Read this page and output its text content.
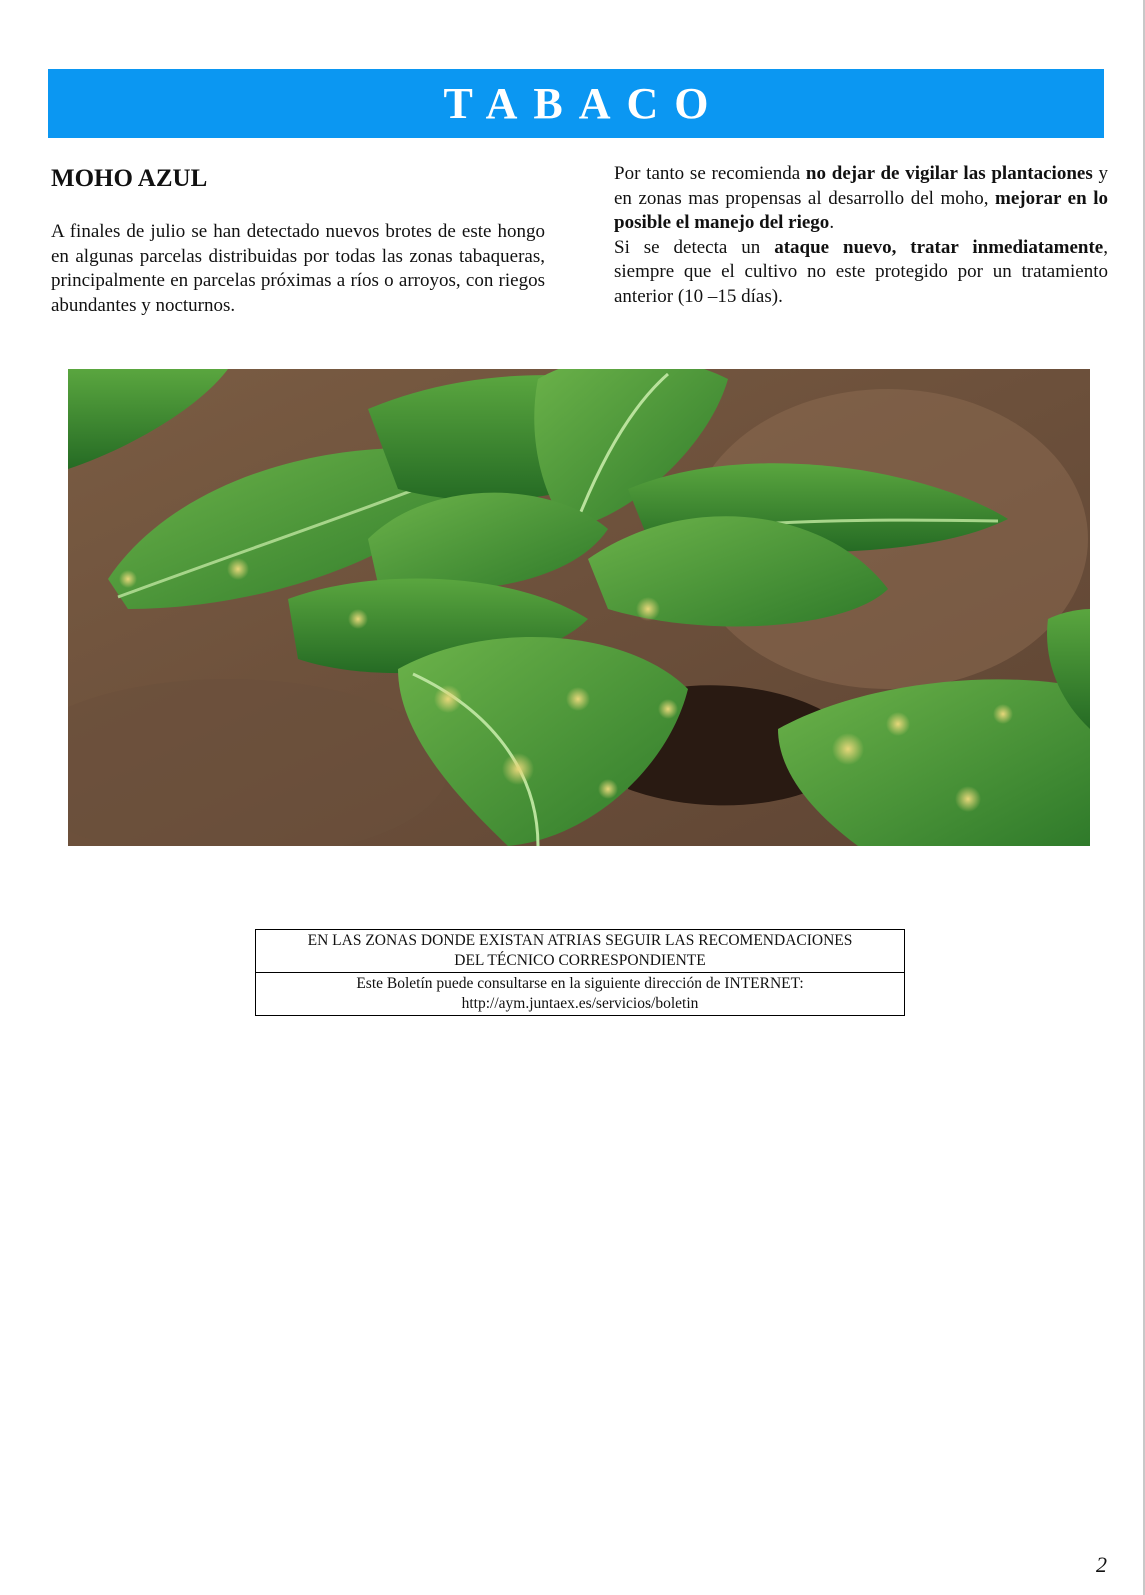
TABACO
MOHO AZUL

A finales de julio se han detectado nuevos brotes de este hongo en algunas parcelas distribuidas por todas las zonas tabaqueras, principalmente en parcelas próximas a ríos o arroyos, con riegos abundantes y nocturnos.

Por tanto se recomienda no dejar de vigilar las plantaciones y en zonas mas propensas al desarrollo del moho, mejorar en lo posible el manejo del riego.

Si se detecta un ataque nuevo, tratar inmediatamente, siempre que el cultivo no este protegido por un tratamiento anterior (10 –15 días).

EN LAS ZONAS DONDE EXISTAN ATRIAS SEGUIR LAS RECOMENDACIONES
DEL TÉCNICO CORRESPONDIENTE
Este Boletín puede consultarse en la siguiente dirección de INTERNET:
http://aym.juntaex.es/servicios/boletin
2
